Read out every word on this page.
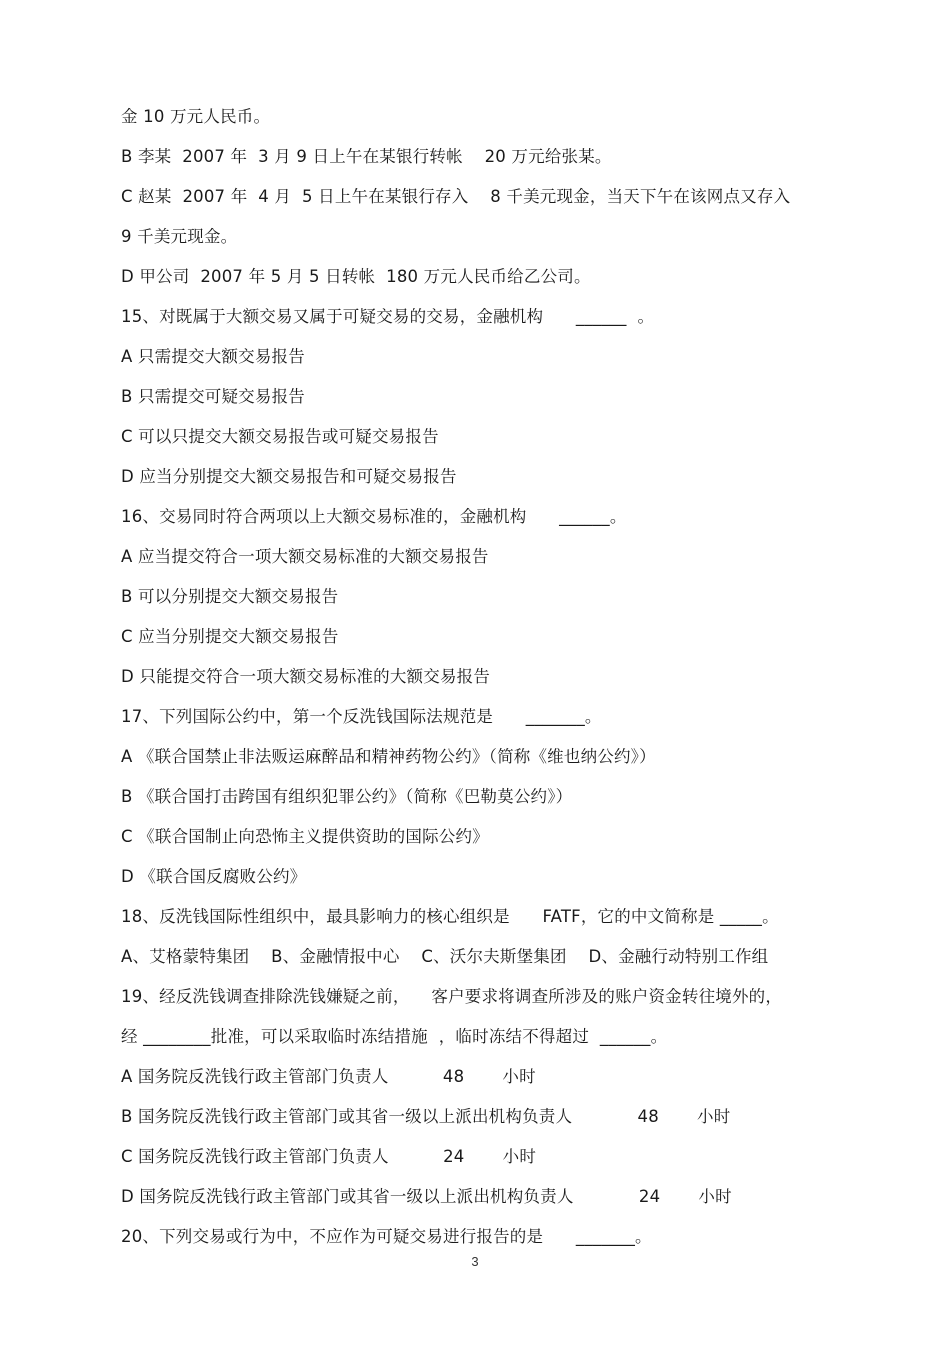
金 10 万元人民币。
B 李某  2007 年  3 月 9 日上午在某银行转帐    20 万元给张某。
C 赵某  2007 年  4 月  5 日上午在某银行存入    8 千美元现金，当天下午在该网点又存入
9 千美元现金。
D 甲公司  2007 年 5 月 5 日转帐  180 万元人民币给乙公司。
15、对既属于大额交易又属于可疑交易的交易，金融机构      ______  。
A 只需提交大额交易报告
B 只需提交可疑交易报告
C 可以只提交大额交易报告或可疑交易报告
D 应当分别提交大额交易报告和可疑交易报告
16、交易同时符合两项以上大额交易标准的，金融机构      ______。
A 应当提交符合一项大额交易标准的大额交易报告
B 可以分别提交大额交易报告
C 应当分别提交大额交易报告
D 只能提交符合一项大额交易标准的大额交易报告
17、下列国际公约中，第一个反洗钱国际法规范是      _______。
A 《联合国禁止非法贩运麻醉品和精神药物公约》（简称《维也纳公约》）
B 《联合国打击跨国有组织犯罪公约》（简称《巴勒莫公约》）
C 《联合国制止向恐怖主义提供资助的国际公约》
D 《联合国反腐败公约》
18、反洗钱国际性组织中，最具影响力的核心组织是      FATF，它的中文简称是 _____。
A、艾格蒙特集团    B、金融情报中心    C、沃尔夫斯堡集团    D、金融行动特别工作组
19、经反洗钱调查排除洗钱嫌疑之前，    客户要求将调查所涉及的账户资金转往境外的，
经 ________批准，可以采取临时冻结措施  ，临时冻结不得超过  ______。
A 国务院反洗钱行政主管部门负责人          48       小时
B 国务院反洗钱行政主管部门或其省一级以上派出机构负责人            48       小时
C 国务院反洗钱行政主管部门负责人          24       小时
D 国务院反洗钱行政主管部门或其省一级以上派出机构负责人            24       小时
20、下列交易或行为中，不应作为可疑交易进行报告的是      _______。
3
